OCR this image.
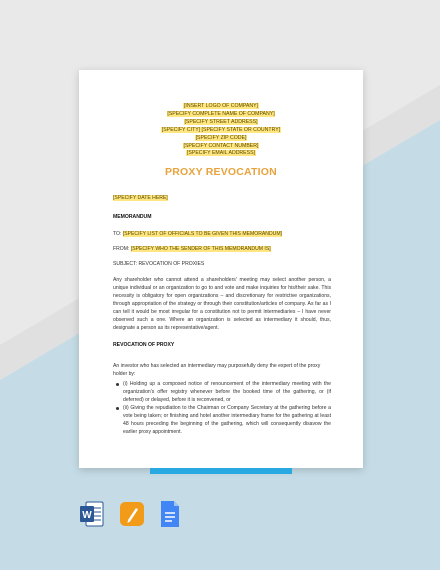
[INSERT LOGO OF COMPANY]
[SPECIFY COMPLETE NAME OF COMPANY]
[SPECIFY STREET ADDRESS]
[SPECIFY CITY] [SPECIFY STATE OR COUNTRY]
[SPECIFY ZIP CODE]
[SPECIFY CONTACT NUMBER]
[SPECIFY EMAIL ADDRESS]
PROXY REVOCATION
[SPECIFY DATE HERE]
MEMORANDUM
TO: [SPECIFY LIST OF OFFICIALS TO BE GIVEN THIS MEMORANDUM]
FROM: [SPECIFY WHO THE SENDER OF THIS MEMORANDUM IS]
SUBJECT: REVOCATION OF PROXIES
Any shareholder who cannot attend a shareholders' meeting may select another person, a unique individual or an organization to go to and vote and make inquiries for his/their sake. This necessity is obligatory for open organizations – and discretionary for restrictive organizations, through appropriation of the strategy or through their constitution/articles of company. As far as I can tell it would be most irregular for a constitution not to permit intermediaries – I have never observed such a one. Where an organization is selected as intermediary it should, thus, designate a person as its representative/agent.
REVOCATION OF PROXY
An investor who has selected an intermediary may purposefully deny the expert of the proxy holder by:
(i) Holding up a composed notice of renouncement of the intermediary meeting with the organization's offer registry whenever before the booked time of the gathering, or (if deferred) or delayed, before it is reconvened, or
(ii) Giving the repudiation to the Chairman or Company Secretary at the gathering before a vote being taken; or finishing and hotel another intermediary frame for the gathering at least 48 hours preceding the beginning of the gathering, which will consequently disavow the earlier proxy appointment.
W
